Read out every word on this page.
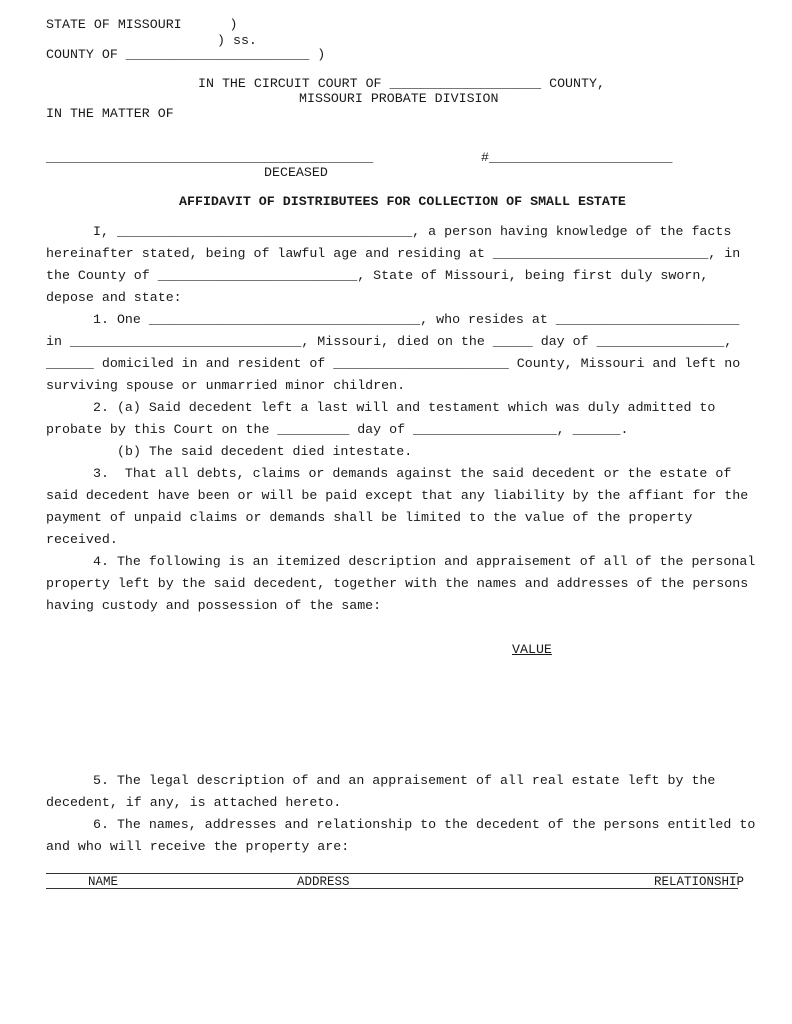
STATE OF MISSOURI      )
) ss.
COUNTY OF _______________________ )
IN THE CIRCUIT COURT OF ___________________ COUNTY,
MISSOURI PROBATE DIVISION
IN THE MATTER OF
_________________________________________	#_______________________
DECEASED
AFFIDAVIT OF DISTRIBUTEES FOR COLLECTION OF SMALL ESTATE
I, _____________________________________, a person having knowledge of the facts
hereinafter stated, being of lawful age and residing at ___________________________, in
the County of _________________________, State of Missouri, being first duly sworn,
depose and state:
1. One __________________________________, who resides at _______________________
in _____________________________, Missouri, died on the _____ day of ________________,
______ domiciled in and resident of ______________________ County, Missouri and left no
surviving spouse or unmarried minor children.
2. (a) Said decedent left a last will and testament which was duly admitted to
probate by this Court on the _________ day of __________________, ______.
(b) The said decedent died intestate.
3.  That all debts, claims or demands against the said decedent or the estate of
said decedent have been or will be paid except that any liability by the affiant for the
payment of unpaid claims or demands shall be limited to the value of the property
received.
4. The following is an itemized description and appraisement of all of the personal
property left by the said decedent, together with the names and addresses of the persons
having custody and possession of the same:
VALUE
5. The legal description of and an appraisement of all real estate left by the
decedent, if any, is attached hereto.
6. The names, addresses and relationship to the decedent of the persons entitled to
and who will receive the property are:
NAME	ADDRESS	RELATIONSHIP
